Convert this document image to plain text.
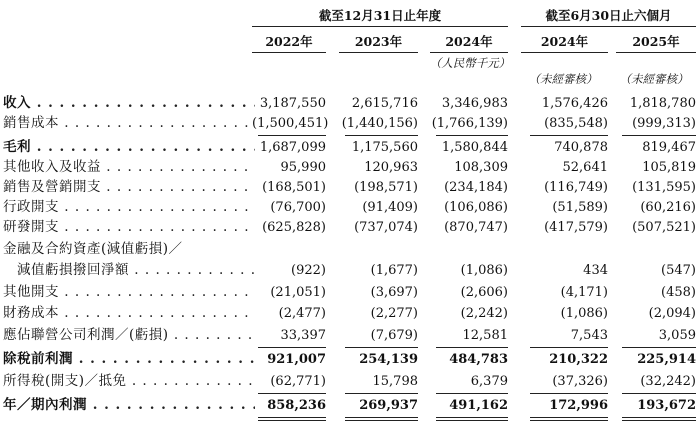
截至12月31日止年度	截至6月30日止六個月
2022年	2023年	2024年	2024年	2025年
（人民幣千元）
（未經審核）	（未經審核）
收入 . . .	3,187,550	2,615,716	3,346,983	1,576,426	1,818,780
銷售成本 . . .	(1,500,451) (1,440,156) (1,766,139)	(835,548)	(999,313)
毛利 . . .	1,687,099	1,175,560	1,580,844	740,878	819,467
其他收入及收益 . . .	95,990	120,963	108,309	52,641	105,819
銷售及營銷開支 . . .	(168,501)	(198,571)	(234,184)	(116,749)	(131,595)
行政開支 . . .	(76,700)	(91,409)	(106,086)	(51,589)	(60,216)
研發開支 . . .	(625,828)	(737,074)	(870,747)	(417,579)	(507,521)
金融及合約資產(減值虧損)／
　減值虧損撥回淨額 . . .	(922)	(1,677)	(1,086)	434	(547)
其他開支 . . .	(21,051)	(3,697)	(2,606)	(4,171)	(458)
財務成本 . . .	(2,477)	(2,277)	(2,242)	(1,086)	(2,094)
應佔聯營公司利潤／(虧損) . . .	33,397	(7,679)	12,581	7,543	3,059
除稅前利潤 . . .	921,007	254,139	484,783	210,322	225,914
所得稅(開支)／抵免 . . .	(62,771)	15,798	6,379	(37,326)	(32,242)
年／期內利潤 . . .	858,236	269,937	491,162	172,996	193,672
